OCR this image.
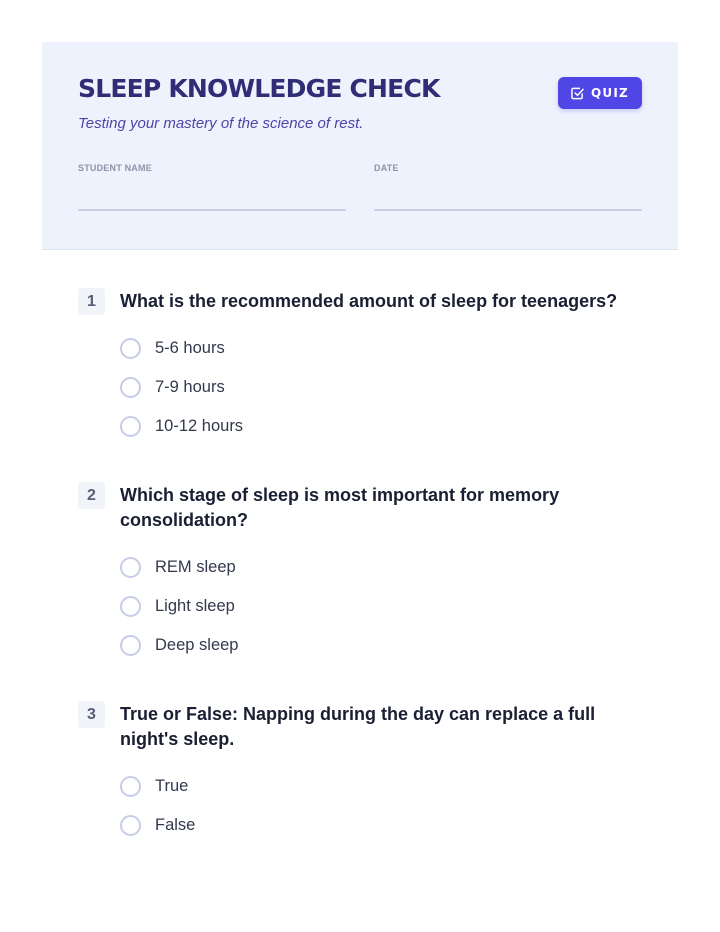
SLEEP KNOWLEDGE CHECK

Testing your mastery of the science of rest.

QUIZ
STUDENT NAME	DATE
1	What is the recommended amount of sleep for teenagers?

5-6 hours
7-9 hours
10-12 hours
2	Which stage of sleep is most important for memory consolidation?

REM sleep
Light sleep
Deep sleep
3	True or False: Napping during the day can replace a full night's sleep.

True
False
